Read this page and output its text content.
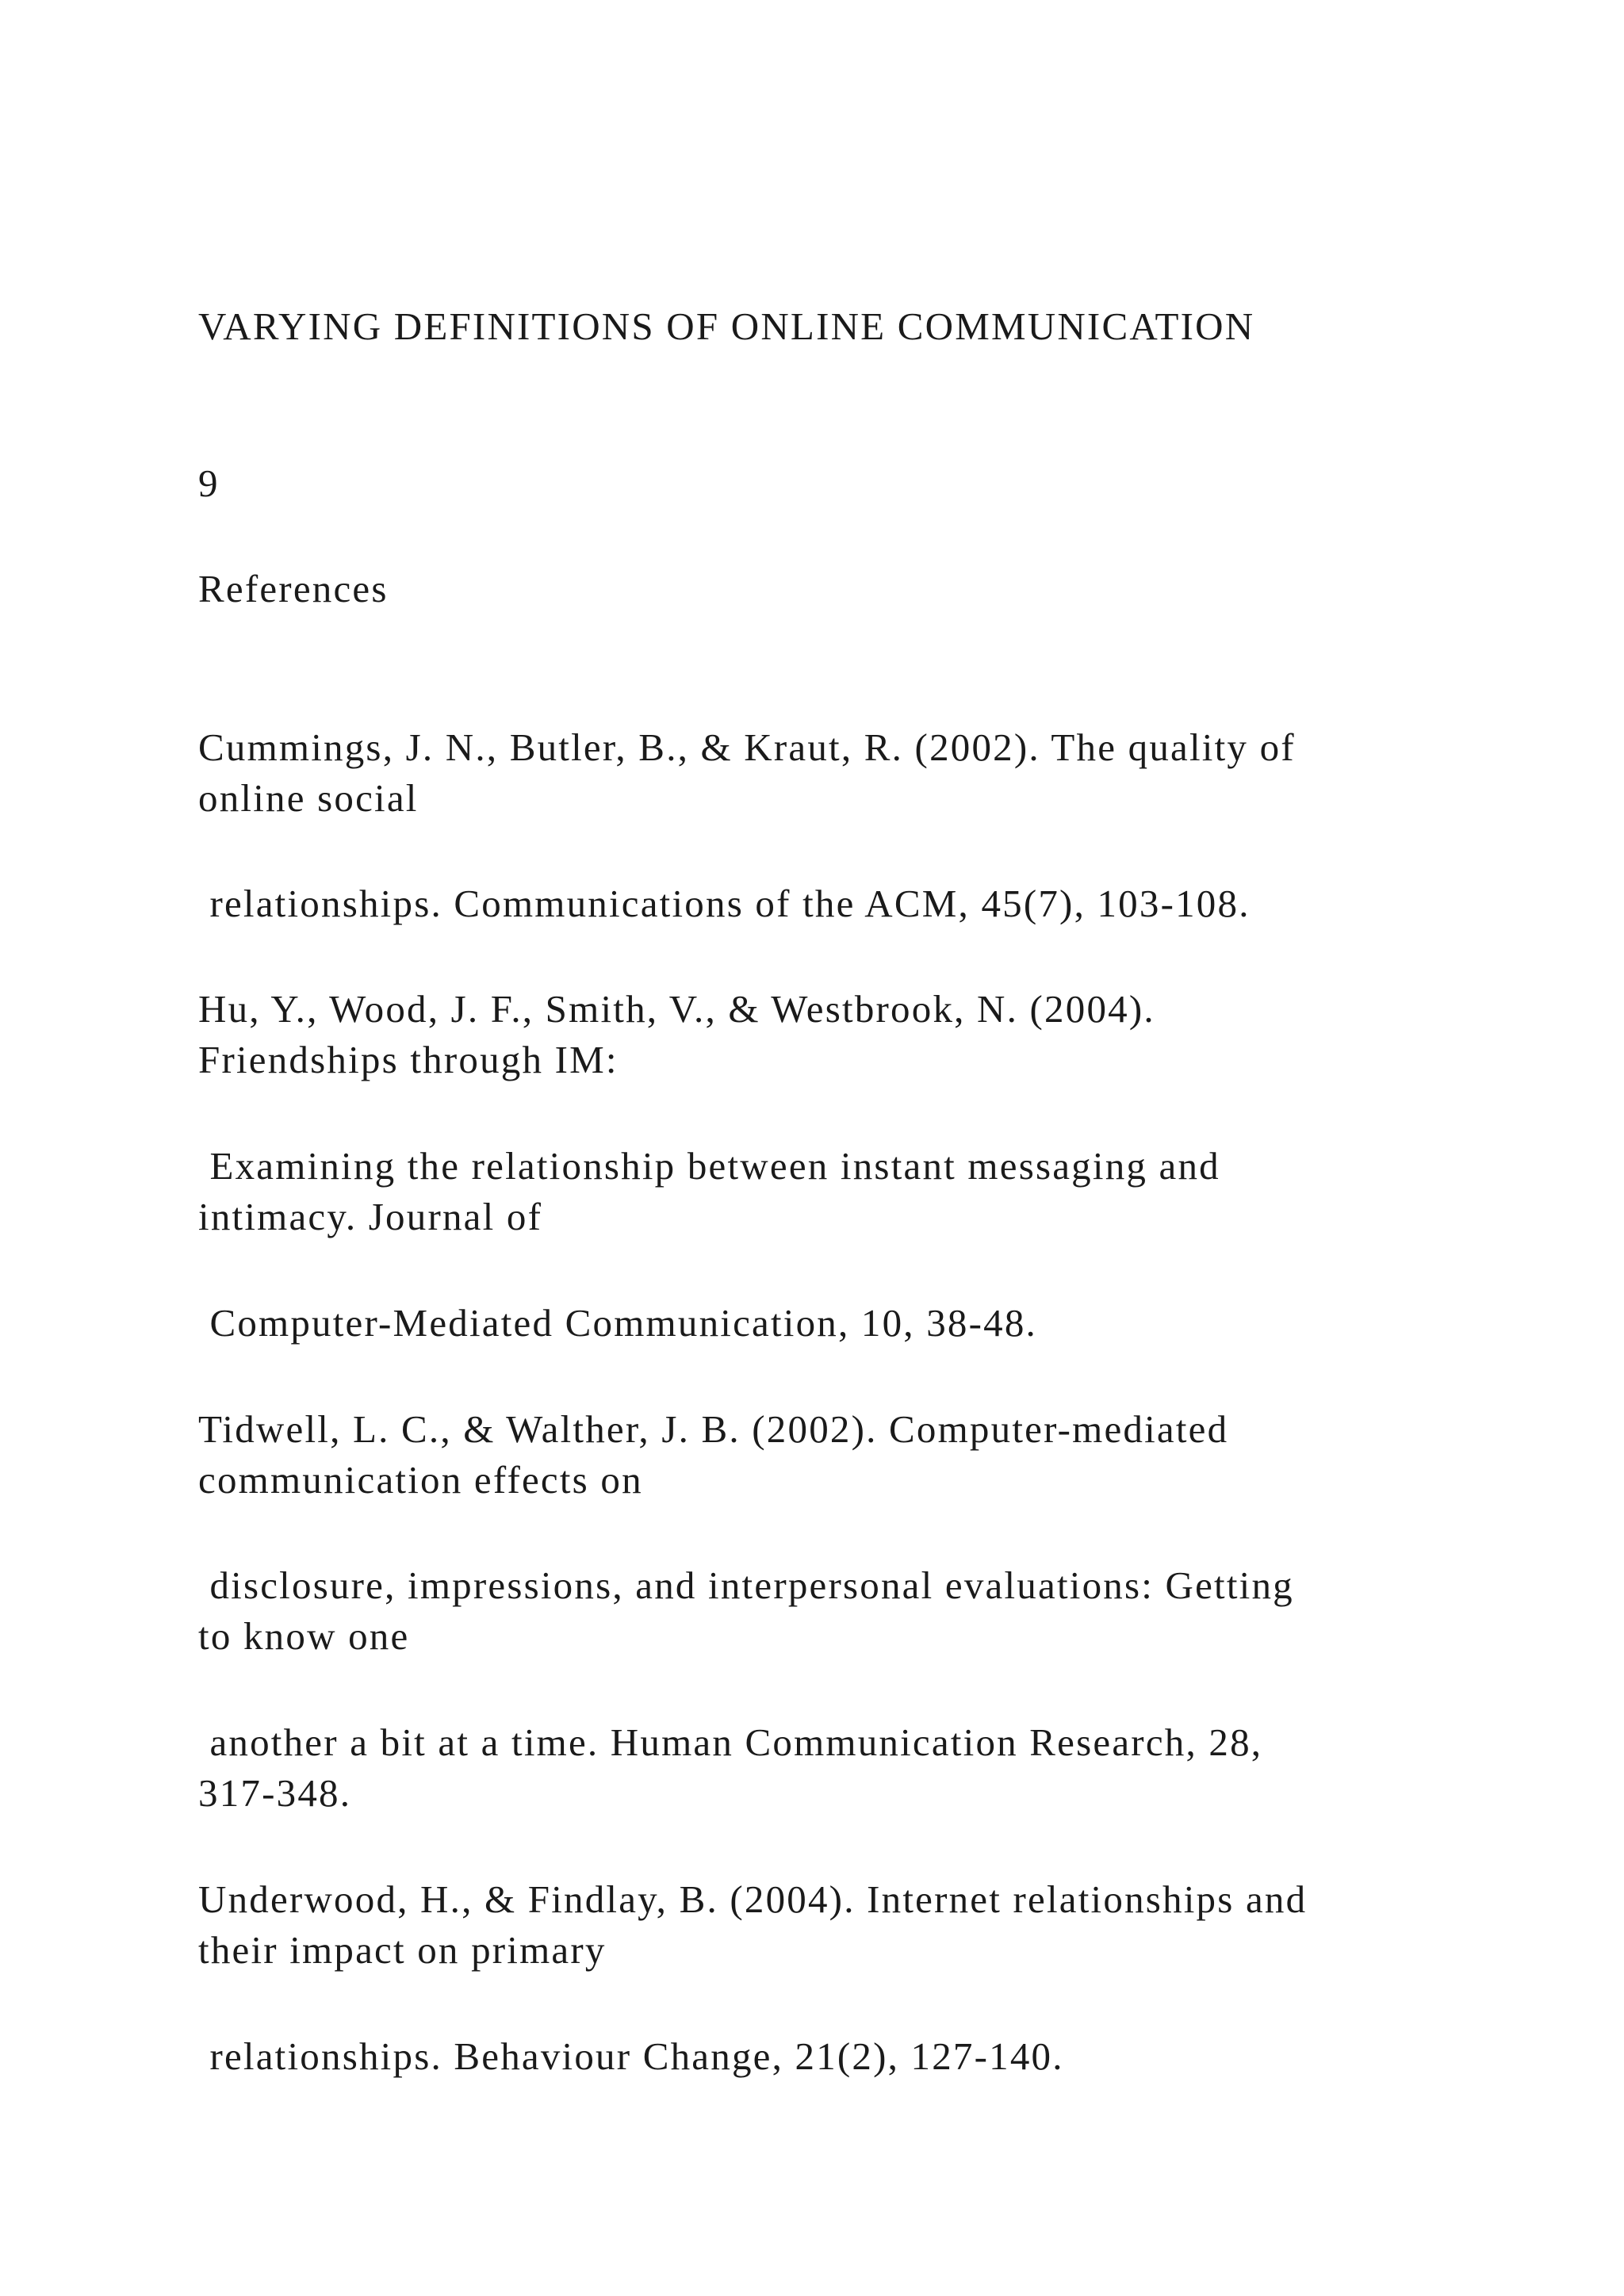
VARYING DEFINITIONS OF ONLINE COMMUNICATION

9

References

Cummings, J. N., Butler, B., & Kraut, R. (2002). The quality of

online social

relationships. Communications of the ACM, 45(7), 103-108.

Hu, Y., Wood, J. F., Smith, V., & Westbrook, N. (2004).

Friendships through IM:

Examining the relationship between instant messaging and

intimacy. Journal of

Computer-Mediated Communication, 10, 38-48.

Tidwell, L. C., & Walther, J. B. (2002). Computer-mediated

communication effects on

disclosure, impressions, and interpersonal evaluations: Getting

to know one

another a bit at a time. Human Communication Research, 28,

317-348.

Underwood, H., & Findlay, B. (2004). Internet relationships and

their impact on primary

relationships. Behaviour Change, 21(2), 127-140.
